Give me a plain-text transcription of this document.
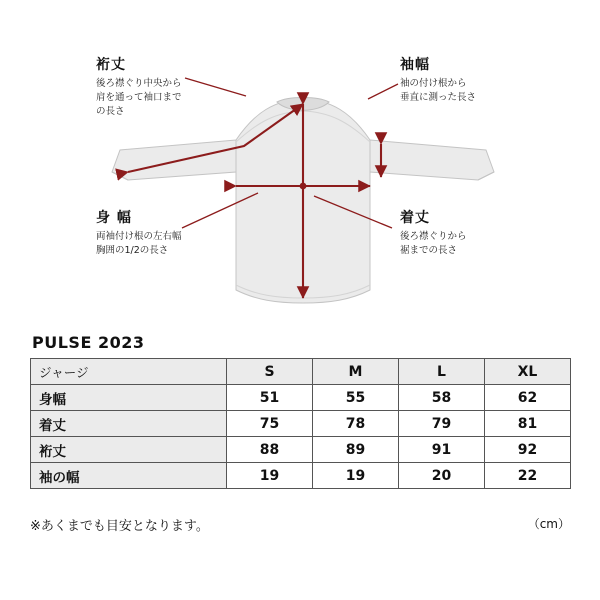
裄丈
後ろ襟ぐり中央から
肩を通って袖口まで
の長さ
袖幅
袖の付け根から
垂直に測った長さ
身 幅
両袖付け根の左右幅
胸囲の1/2の長さ
着丈
後ろ襟ぐりから
裾までの長さ
PULSE 2023
ジャージ	S	M	L	XL
身幅	51	55	58	62
着丈	75	78	79	81
裄丈	88	89	91	92
袖の幅	19	19	20	22
（cm）
※あくまでも目安となります。
